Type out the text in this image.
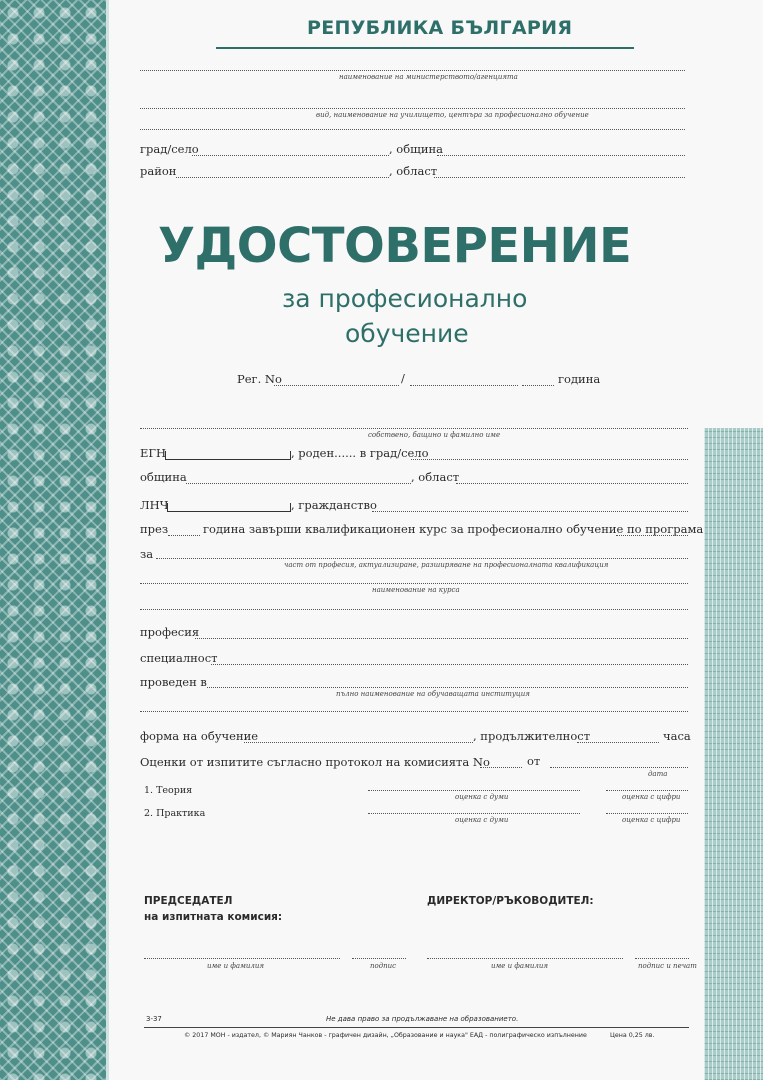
РЕПУБЛИКА БЪЛГАРИЯ
наименование на министерството/агенцията
вид, наименование на училището, центъра за професионално обучение
град/село	, община
район	, област
УДОСТОВЕРЕНИЕ
за професионално
обучение
Рег. No	/	година
собствено, бащино и фамилно име
ЕГН	, роден...... в град/село
община	, област
ЛНЧ	, гражданство
през	година завърши квалификационен курс за професионално обучение по програма
за
част от професия, актуализиране, разширяване на професионалната квалификация
наименование на курса
професия
специалност
проведен в
пълно наименование на обучаващата институция
форма на обучение	, продължителност	часа
Оценки от изпитите съгласно протокол на комисията No	от
дата
1. Теория
оценка с думи	оценка с цифри
2. Практика
оценка с думи	оценка с цифри
ПРЕДСЕДАТЕЛ
на изпитната комисия:
ДИРЕКТОР/РЪКОВОДИТЕЛ:
име и фамилия	подпис	име и фамилия	подпис и печат
3-37	Не дава право за продължаване на образованието.
© 2017 МОН - издател, © Мариян Чанков - графичен дизайн, „Образование и наука" ЕАД - полиграфическо изпълнение	Цена 0,25 лв.
